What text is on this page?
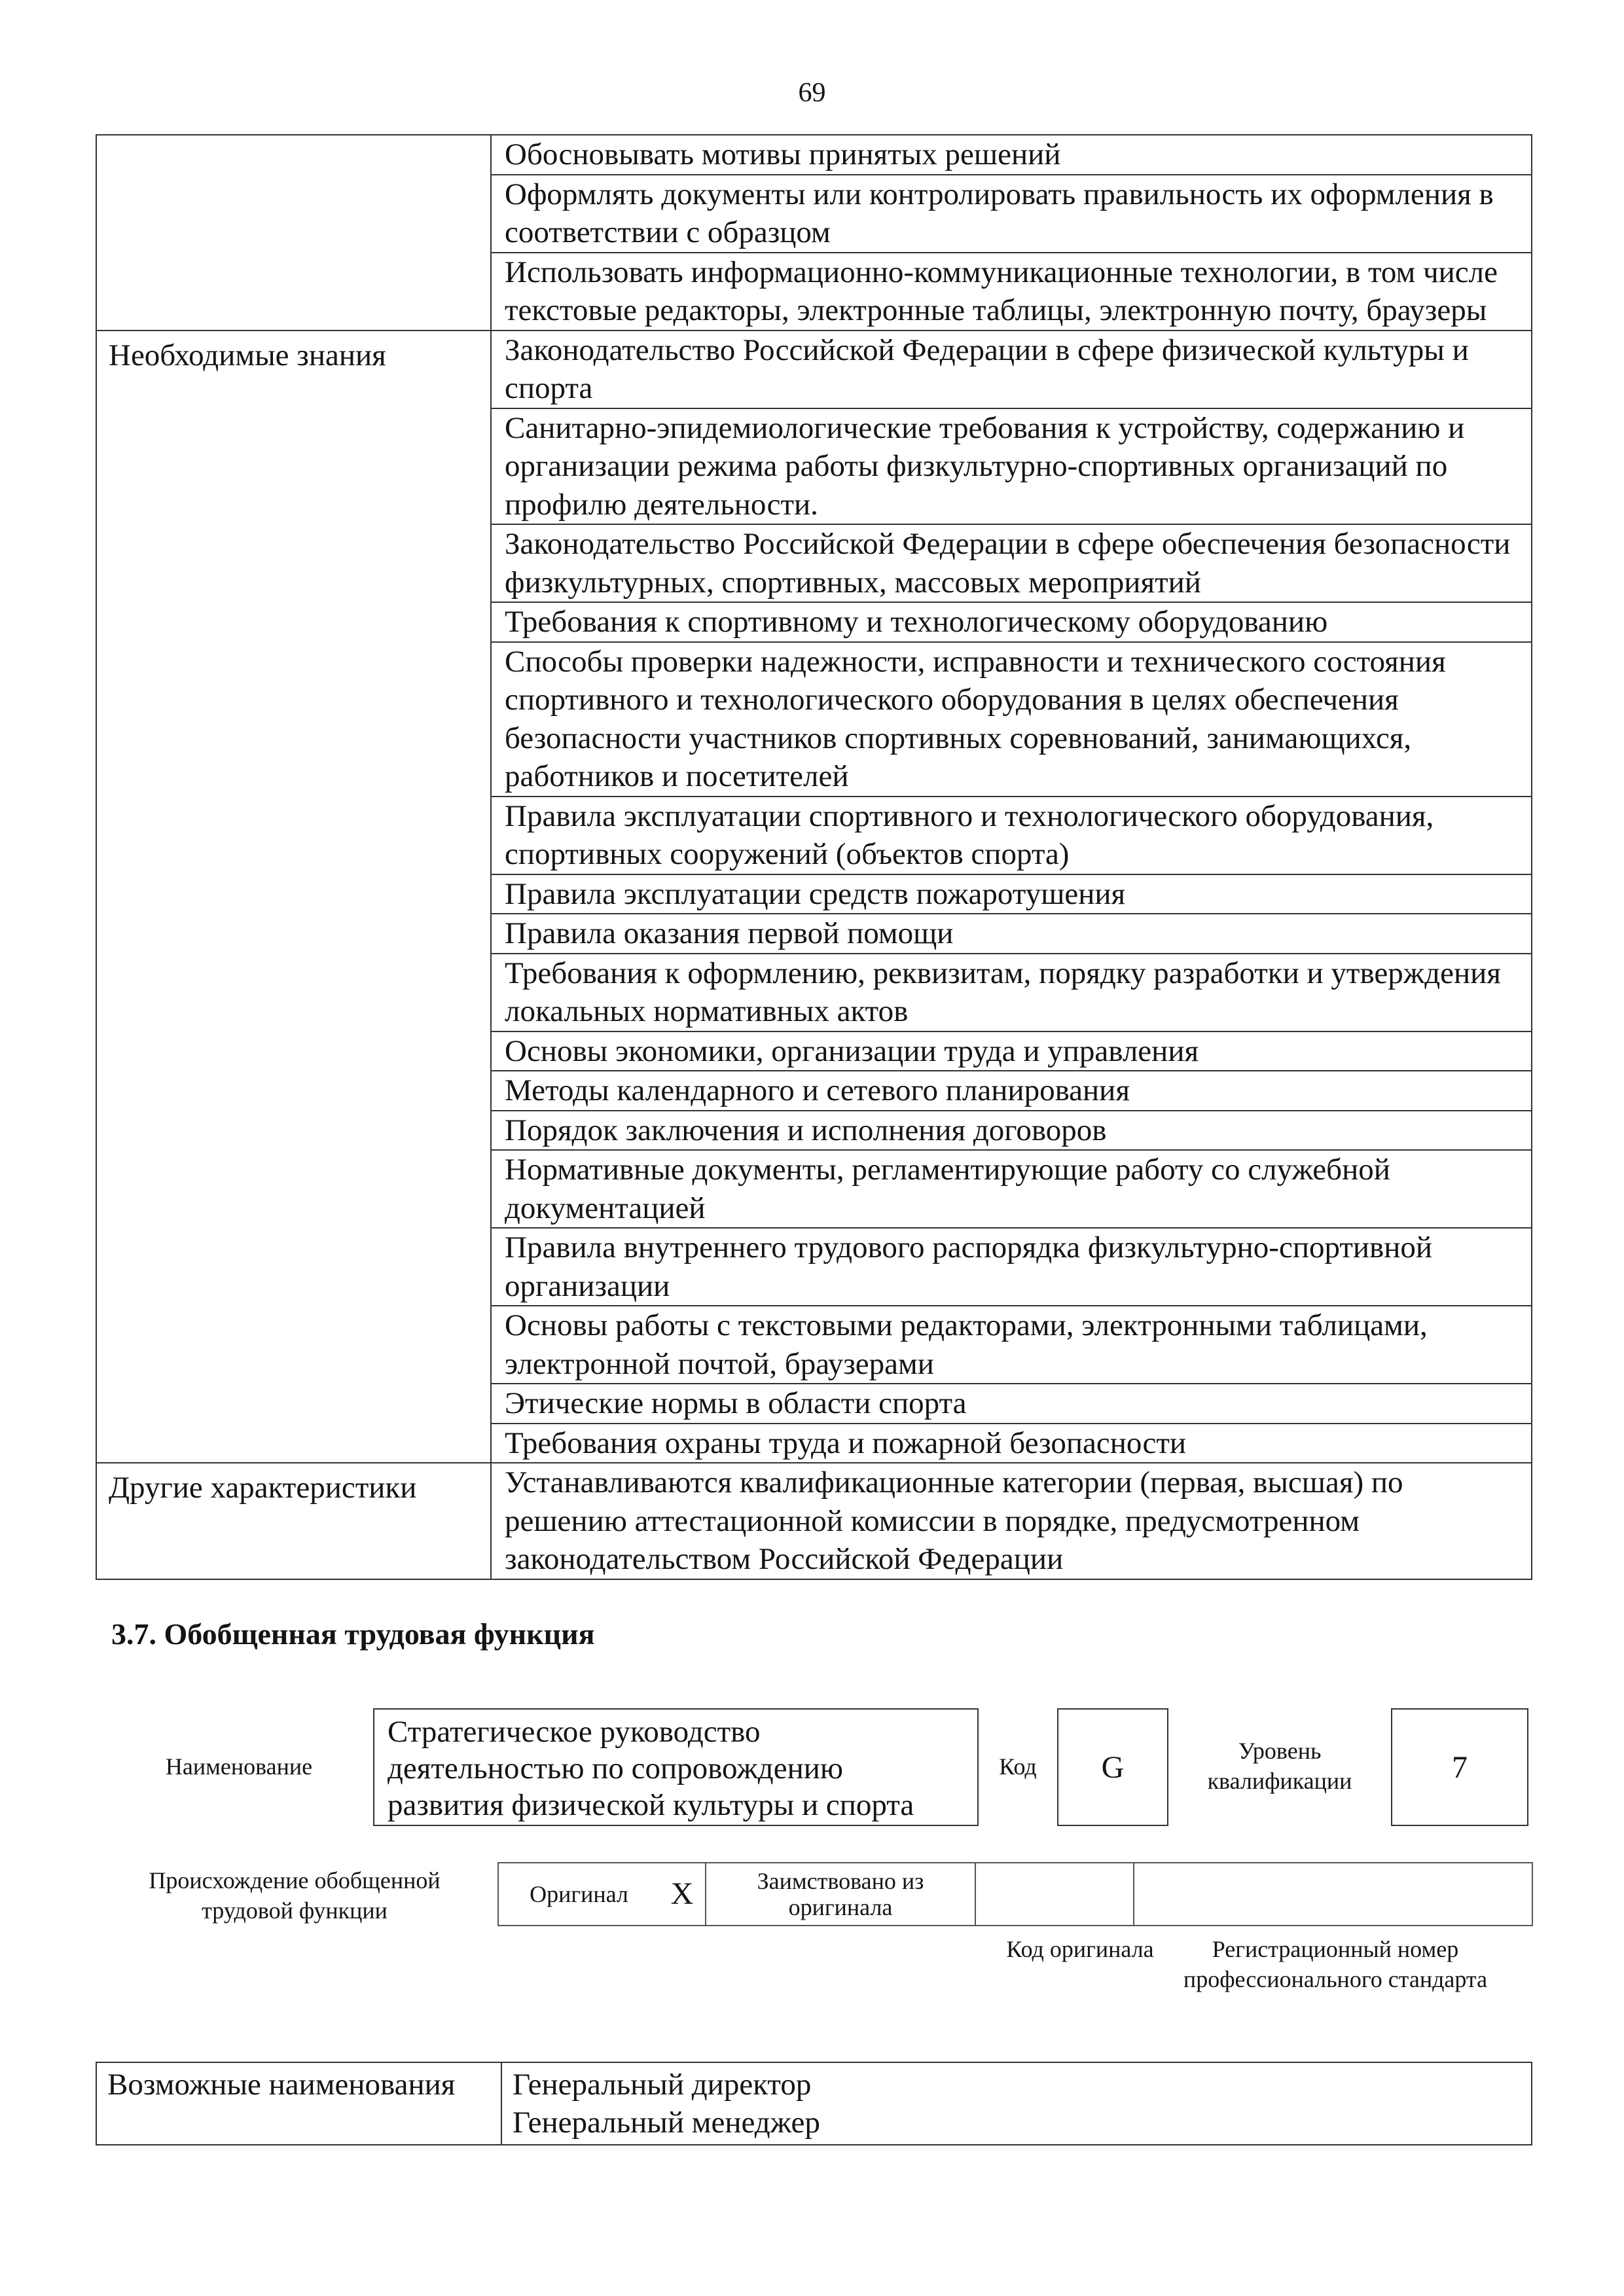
69
	Обосновывать мотивы принятых решений
	Оформлять документы или контролировать правильность их оформления в соответствии с образцом
	Использовать информационно-коммуникационные технологии, в том числе текстовые редакторы, электронные таблицы, электронную почту, браузеры
Необходимые знания	Законодательство Российской Федерации в сфере физической культуры и спорта
	Санитарно-эпидемиологические требования к устройству, содержанию и организации режима работы физкультурно-спортивных организаций по профилю деятельности.
	Законодательство Российской Федерации в сфере обеспечения безопасности физкультурных, спортивных, массовых мероприятий
	Требования к спортивному и технологическому оборудованию
	Способы проверки надежности, исправности и технического состояния спортивного и технологического оборудования в целях обеспечения безопасности участников спортивных соревнований, занимающихся, работников и посетителей
	Правила эксплуатации спортивного и технологического оборудования, спортивных сооружений (объектов спорта)
	Правила эксплуатации средств пожаротушения
	Правила оказания первой помощи
	Требования к оформлению, реквизитам, порядку разработки и утверждения локальных нормативных актов
	Основы экономики, организации труда и управления
	Методы календарного и сетевого планирования
	Порядок заключения и исполнения договоров
	Нормативные документы, регламентирующие работу со служебной документацией
	Правила внутреннего трудового распорядка физкультурно-спортивной организации
	Основы работы с текстовыми редакторами, электронными таблицами, электронной почтой, браузерами
	Этические нормы в области спорта
	Требования охраны труда и пожарной безопасности
Другие характеристики	Устанавливаются квалификационные категории (первая, высшая) по решению аттестационной комиссии в порядке, предусмотренном законодательством Российской Федерации
3.7. Обобщенная трудовая функция
Наименование
Стратегическое руководство деятельностью по сопровождению развития физической культуры и спорта
Код	G	Уровень квалификации	7
Происхождение обобщенной трудовой функции
Оригинал	X	Заимствовано из оригинала		
Код оригинала	Регистрационный номер профессионального стандарта
Возможные наименования	Генеральный директор
Генеральный менеджер
